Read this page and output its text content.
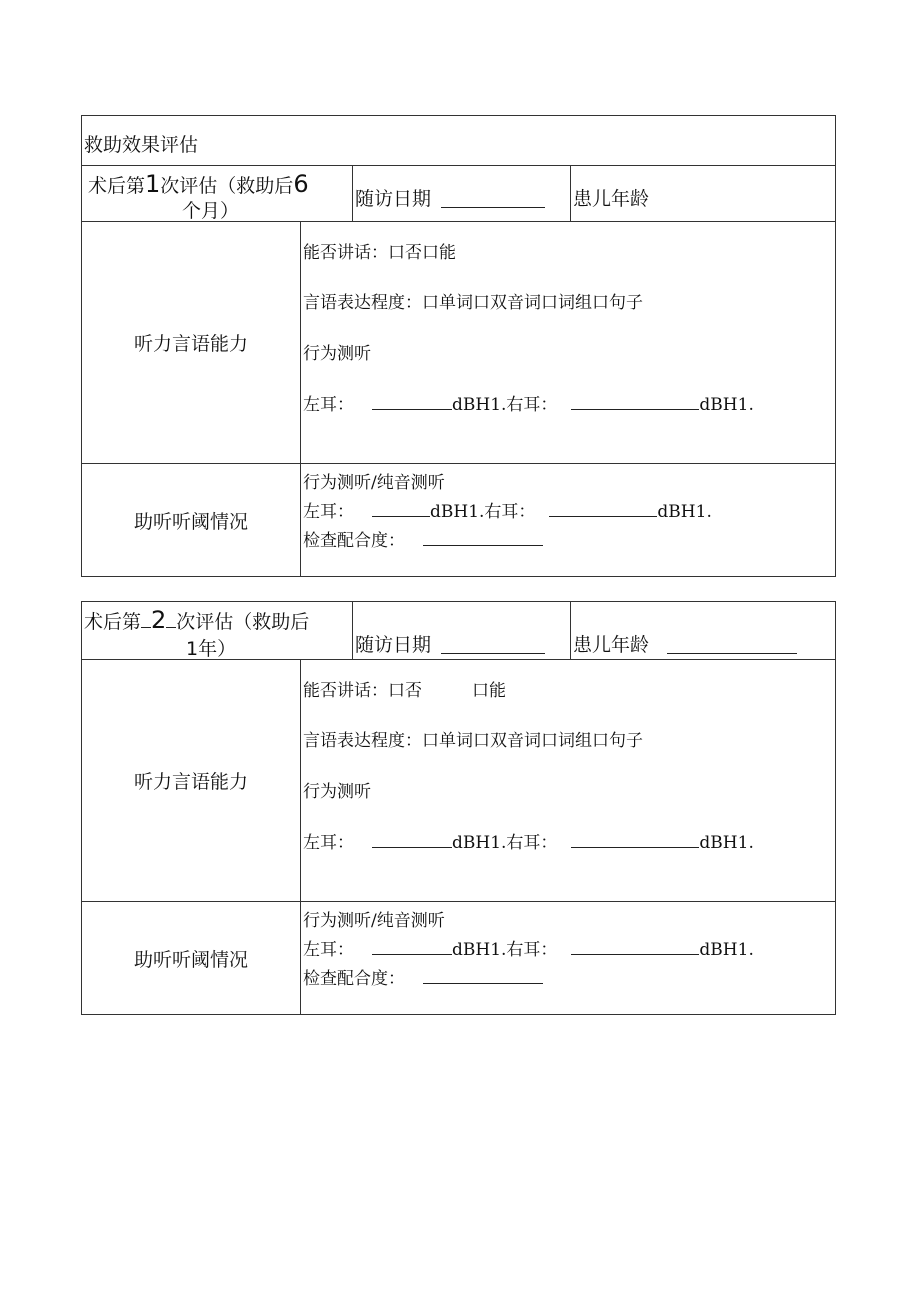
救助效果评估
术后第1次评估（救助后6
个月）
随访日期	患儿年龄
听力言语能力
能否讲话：口否口能
言语表达程度：口单词口双音词口词组口句子
行为测听
左耳：	dBH1.右耳：	dBH1.
助听听阈情况
行为测听/纯音测听
左耳：	dBH1.右耳：	dBH1.
检查配合度：
术后第 2 次评估（救助后
1年）	随访日期	患儿年龄
听力言语能力
能否讲话：口否	口能
言语表达程度：口单词口双音词口词组口句子
行为测听
左耳：	dBH1.右耳：	dBH1.
助听听阈情况
行为测听/纯音测听
左耳：	dBH1.右耳：	dBH1.
检查配合度：
